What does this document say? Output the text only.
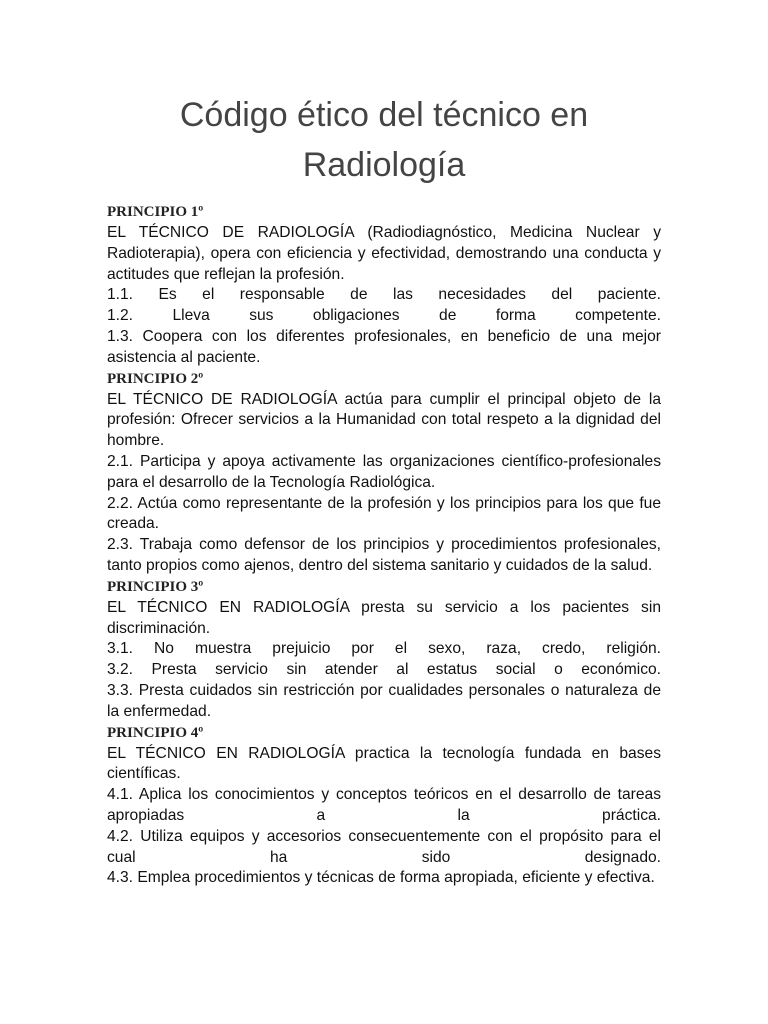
Código ético del técnico en Radiología
PRINCIPIO 1º

EL TÉCNICO DE RADIOLOGÍA (Radiodiagnóstico, Medicina Nuclear y Radioterapia), opera con eficiencia y efectividad, demostrando una conducta y actitudes que reflejan la profesión.

1.1. Es el responsable de las necesidades del paciente.

1.2. Lleva sus obligaciones de forma competente.

1.3. Coopera con los diferentes profesionales, en beneficio de una mejor asistencia al paciente.

PRINCIPIO 2º

EL TÉCNICO DE RADIOLOGÍA actúa para cumplir el principal objeto de la profesión: Ofrecer servicios a la Humanidad con total respeto a la dignidad del hombre.

2.1. Participa y apoya activamente las organizaciones científico-profesionales para el desarrollo de la Tecnología Radiológica.

2.2. Actúa como representante de la profesión y los principios para los que fue creada.

2.3. Trabaja como defensor de los principios y procedimientos profesionales, tanto propios como ajenos, dentro del sistema sanitario y cuidados de la salud.

PRINCIPIO 3º

EL TÉCNICO EN RADIOLOGÍA presta su servicio a los pacientes sin discriminación.

3.1. No muestra prejuicio por el sexo, raza, credo, religión.

3.2. Presta servicio sin atender al estatus social o económico.

3.3. Presta cuidados sin restricción por cualidades personales o naturaleza de la enfermedad.

PRINCIPIO 4º

EL TÉCNICO EN RADIOLOGÍA practica la tecnología fundada en bases científicas.

4.1. Aplica los conocimientos y conceptos teóricos en el desarrollo de tareas apropiadas a la práctica.

4.2. Utiliza equipos y accesorios consecuentemente con el propósito para el cual ha sido designado.

4.3. Emplea procedimientos y técnicas de forma apropiada, eficiente y efectiva.
